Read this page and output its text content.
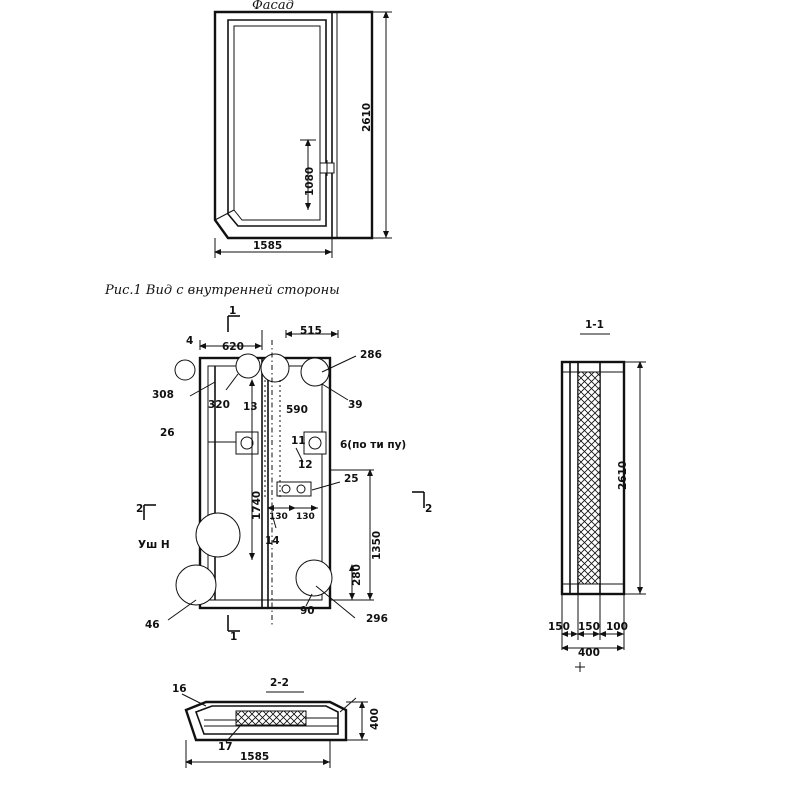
Фасад
Рис.1 Вид с внутренней стороны
1-1
2-2
2610
1585
1080
4	620
515
286
308
320 13	590	39
26
11	6(по ти пу)
12
25
1740 130 130
14	1350
280
90
296
46
Уш Н
1
1
2	2
2610
150 150 100
400
16
17
400
1585
